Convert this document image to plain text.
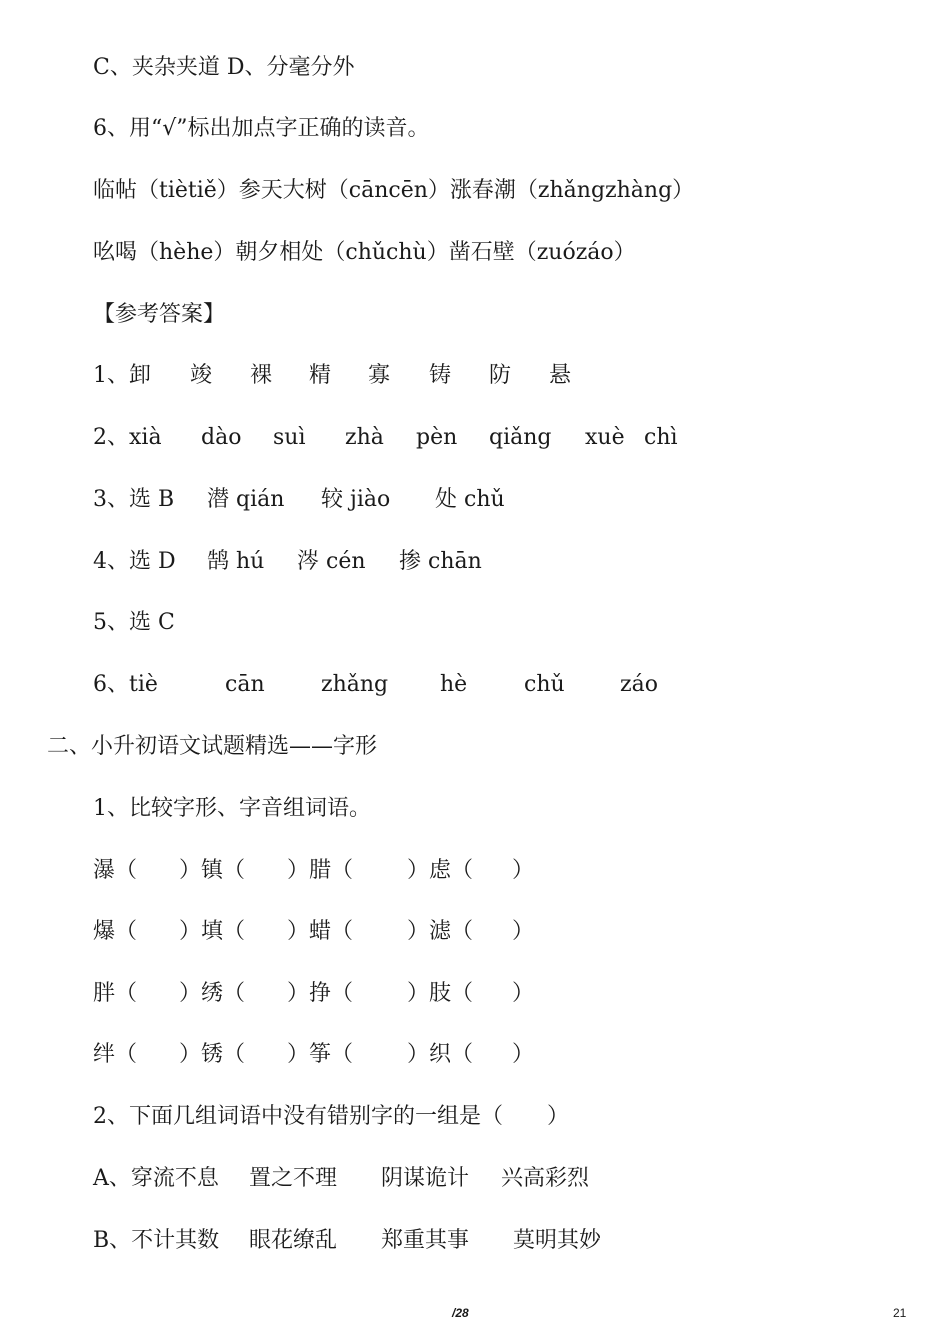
C、夹杂夹道 D、分毫分外
6、用“√”标出加点字正确的读音。
临帖（tiètiě）参天大树（cāncēn）涨春潮（zhǎngzhàng）
吆喝（hèhe）朝夕相处（chǔchù）凿石壁（zuózáo）
【参考答案】
1、卸 竣 裸 精 寡 铸 防 悬
2、xià dào suì zhà pèn qiǎng xuè chì
3、选 B 潜 qián 较 jiào 处 chǔ
4、选 D 鹄 hú 涔 cén 掺 chān
5、选 C
6、tiè	cān	zhǎng hè	chǔ	záo
二、小升初语文试题精选——字形
1、比较字形、字音组词语。
瀑（ ）镇（ ）腊（ ）虑（ ）
爆（ ）填（ ）蜡（ ）滤（ ）
胖（ ）绣（ ）挣（ ）肢（ ）
绊（ ）锈（ ）筝（ ）织（ ）
2、下面几组词语中没有错别字的一组是（　　）
A、穿流不息 置之不理 阴谋诡计 兴高彩烈
B、不计其数 眼花缭乱 郑重其事 莫明其妙
/28	21
